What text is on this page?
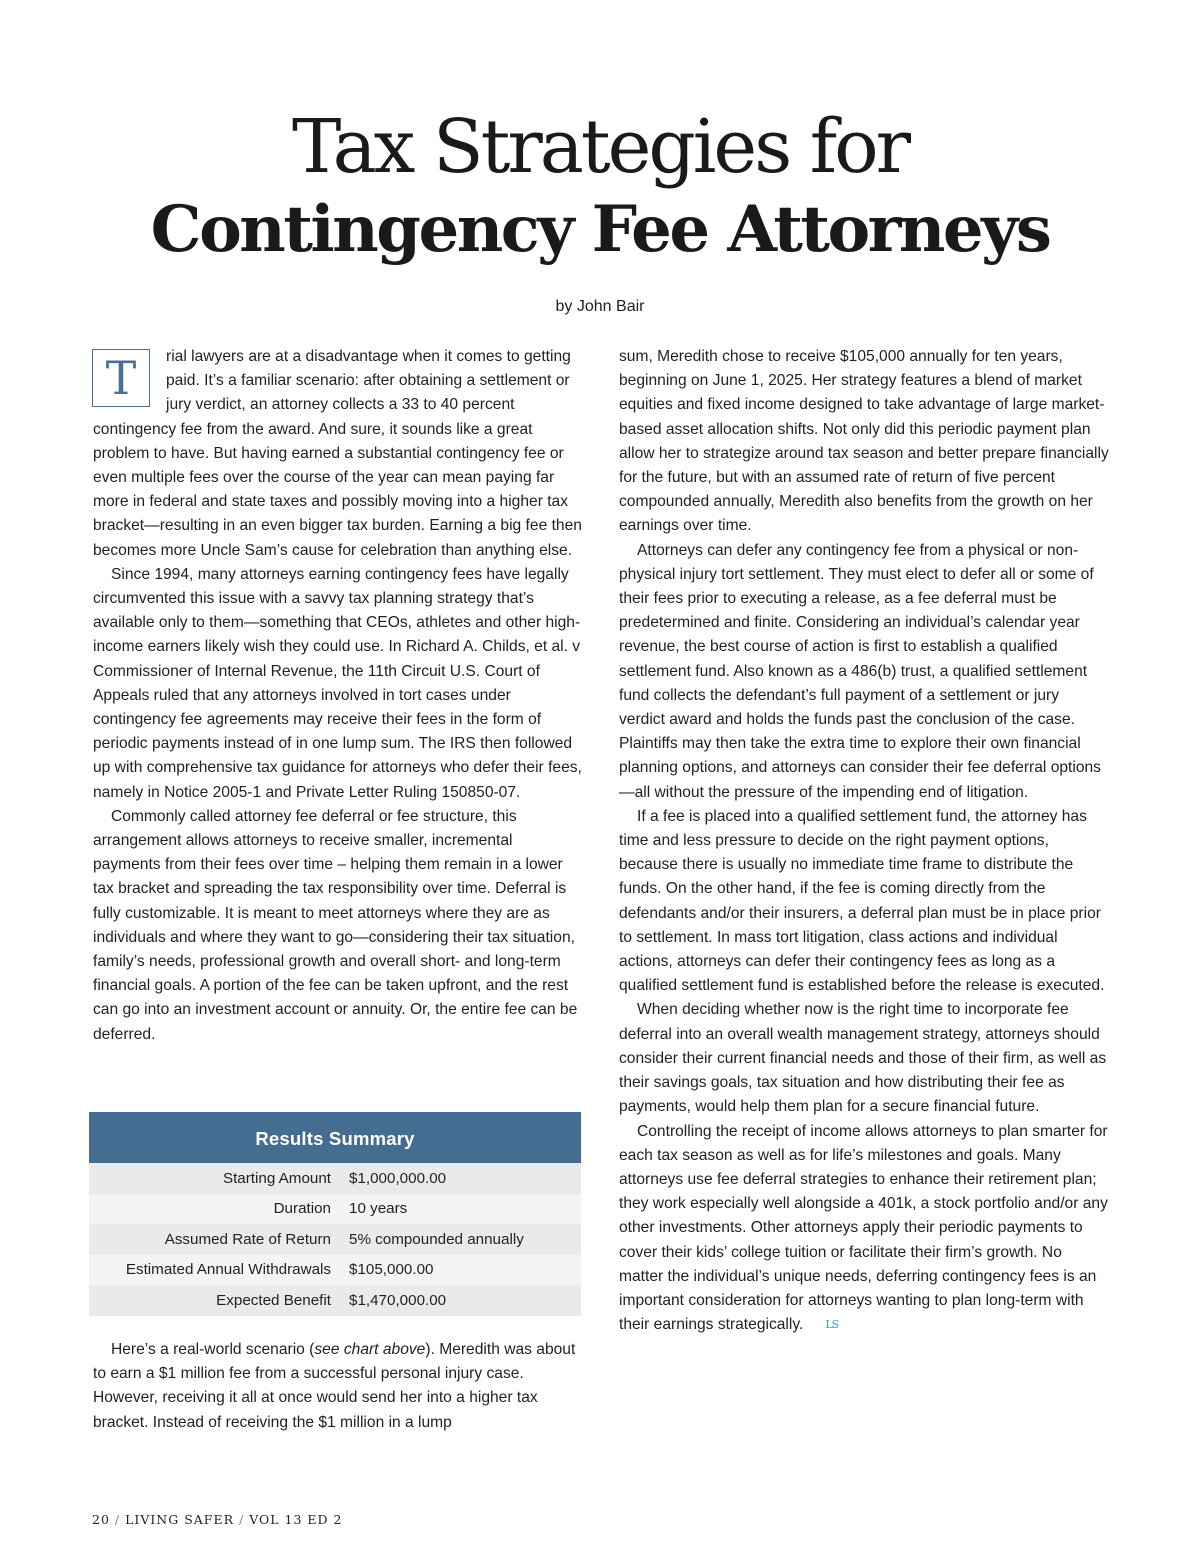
Tax Strategies for
Contingency Fee Attorneys
by John Bair

T	rial lawyers are at a disadvantage when it comes to getting paid. It’s a familiar scenario: after obtaining a settlement or jury verdict, an attorney collects a 33 to 40 percent contingency fee from the award. And sure, it sounds like a great problem to have. But having earned a substantial contingency fee or even multiple fees over the course of the year can mean paying far more in federal and state taxes and possibly moving into a higher tax bracket—resulting in an even bigger tax burden. Earning a big fee then becomes more Uncle Sam’s cause for celebration than anything else.

Since 1994, many attorneys earning contingency fees have legally circumvented this issue with a savvy tax planning strategy that’s available only to them—something that CEOs, athletes and other high-income earners likely wish they could use. In Richard A. Childs, et al. v Commissioner of Internal Revenue, the 11th Circuit U.S. Court of Appeals ruled that any attorneys involved in tort cases under contingency fee agreements may receive their fees in the form of periodic payments instead of in one lump sum. The IRS then followed up with comprehensive tax guidance for attorneys who defer their fees, namely in Notice 2005-1 and Private Letter Ruling 150850-07.

Commonly called attorney fee deferral or fee structure, this arrangement allows attorneys to receive smaller, incremental payments from their fees over time – helping them remain in a lower tax bracket and spreading the tax responsibility over time. Deferral is fully customizable. It is meant to meet attorneys where they are as individuals and where they want to go—considering their tax situation, family’s needs, professional growth and overall short- and long-term financial goals. A portion of the fee can be taken upfront, and the rest can go into an investment account or annuity. Or, the entire fee can be deferred.

Results Summary
Starting Amount	$1,000,000.00
Duration	10 years
Assumed Rate of Return	5% compounded annually
Estimated Annual Withdrawals	$105,000.00
Expected Benefit	$1,470,000.00

Here’s a real-world scenario (see chart above). Meredith was about to earn a $1 million fee from a successful personal injury case. However, receiving it all at once would send her into a higher tax bracket. Instead of receiving the $1 million in a lump

sum, Meredith chose to receive $105,000 annually for ten years, beginning on June 1, 2025. Her strategy features a blend of market equities and fixed income designed to take advantage of large market-based asset allocation shifts. Not only did this periodic payment plan allow her to strategize around tax season and better prepare financially for the future, but with an assumed rate of return of five percent compounded annually, Meredith also benefits from the growth on her earnings over time.

Attorneys can defer any contingency fee from a physical or non-physical injury tort settlement. They must elect to defer all or some of their fees prior to executing a release, as a fee deferral must be predetermined and finite. Considering an individual’s calendar year revenue, the best course of action is first to establish a qualified settlement fund. Also known as a 486(b) trust, a qualified settlement fund collects the defendant’s full payment of a settlement or jury verdict award and holds the funds past the conclusion of the case. Plaintiffs may then take the extra time to explore their own financial planning options, and attorneys can consider their fee deferral options—all without the pressure of the impending end of litigation.

If a fee is placed into a qualified settlement fund, the attorney has time and less pressure to decide on the right payment options, because there is usually no immediate time frame to distribute the funds. On the other hand, if the fee is coming directly from the defendants and/or their insurers, a deferral plan must be in place prior to settlement. In mass tort litigation, class actions and individual actions, attorneys can defer their contingency fees as long as a qualified settlement fund is established before the release is executed.

When deciding whether now is the right time to incorporate fee deferral into an overall wealth management strategy, attorneys should consider their current financial needs and those of their firm, as well as their savings goals, tax situation and how distributing their fee as payments, would help them plan for a secure financial future.

Controlling the receipt of income allows attorneys to plan smarter for each tax season as well as for life’s milestones and goals. Many attorneys use fee deferral strategies to enhance their retirement plan; they work especially well alongside a 401k, a stock portfolio and/or any other investments. Other attorneys apply their periodic payments to cover their kids’ college tuition or facilitate their firm’s growth. No matter the individual’s unique needs, deferring contingency fees is an important consideration for attorneys wanting to plan long-term with their earnings strategically. LS

20 / LIVING SAFER / VOL 13 ED 2
